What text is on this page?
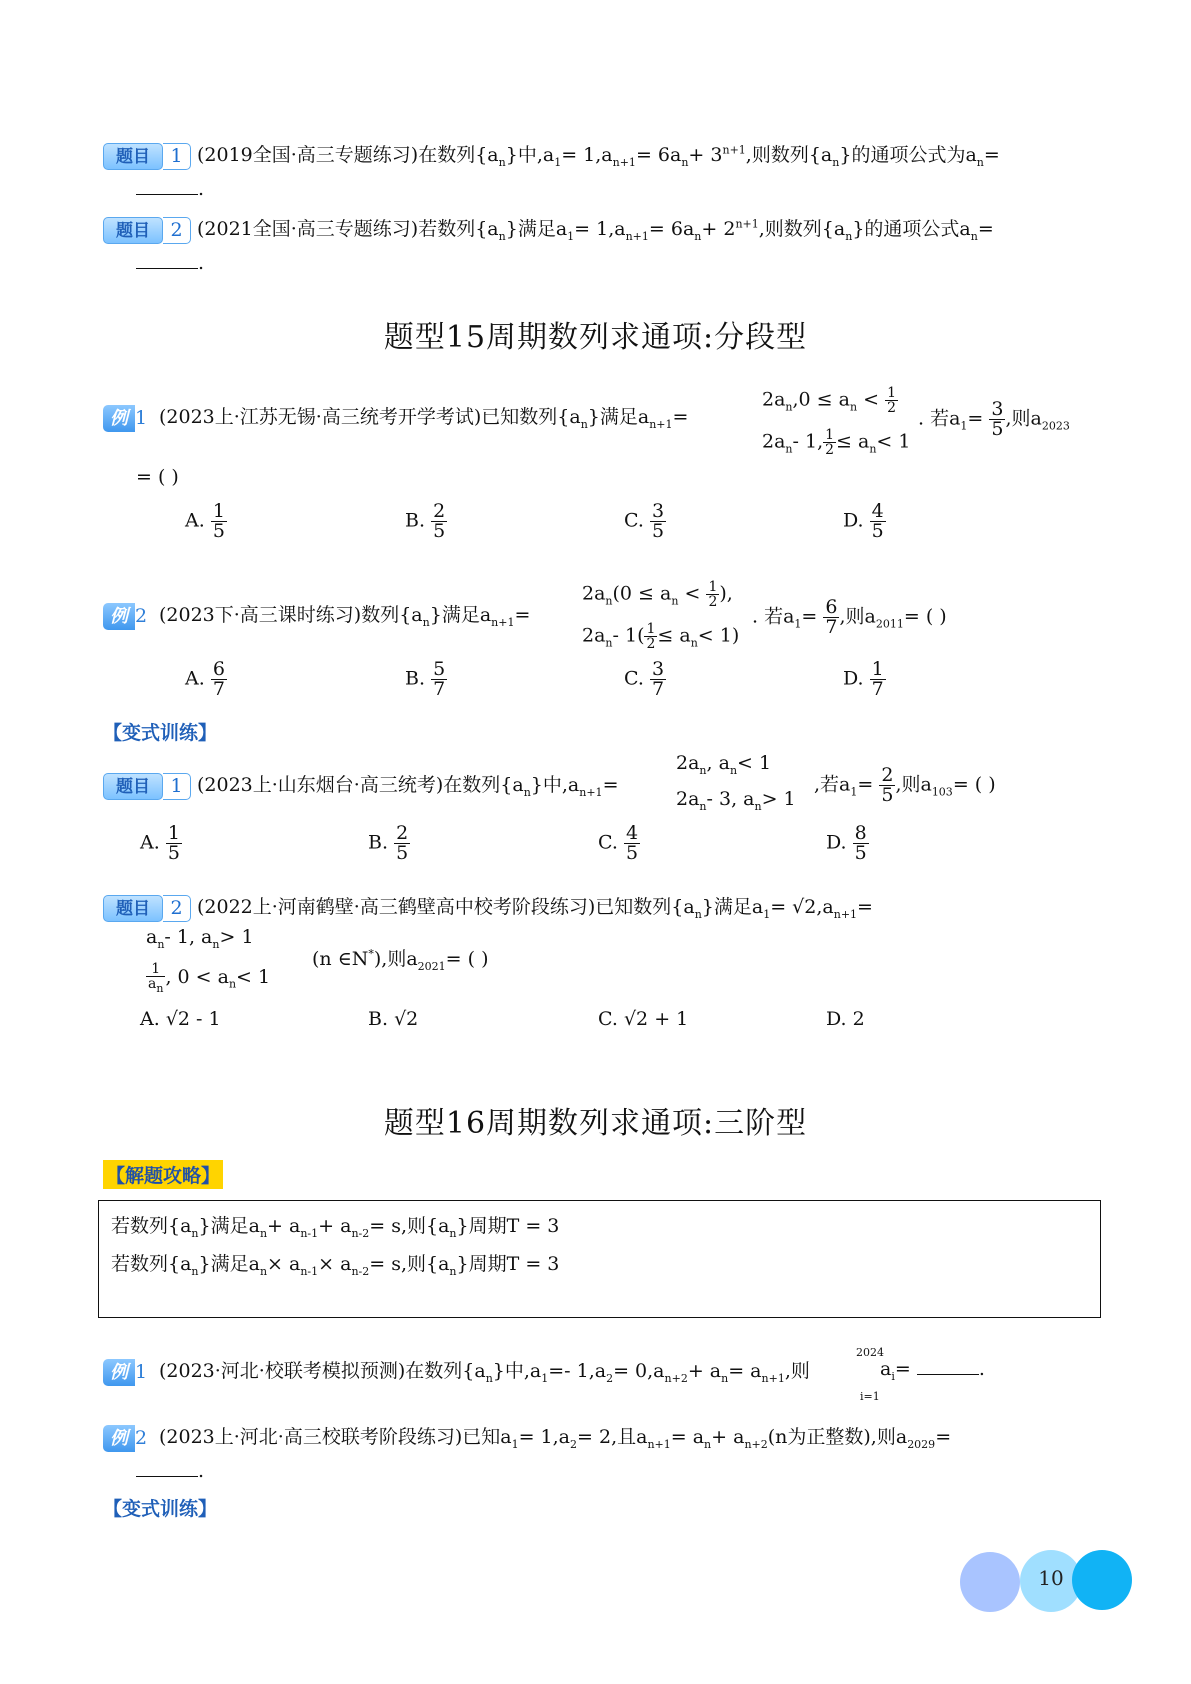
题目 1 (2019全国·高三专题练习)在数列$\{a_n\}$中$,a_1= 1,a_{n+1}= 6a_n+ 3^{n+1}$,则数列$\{a_n\}$的通项公式为$a_n=$
.
题目 2 (2021全国·高三专题练习)若数列$\{a_n\}$满足$a_1= 1,a_{n+1}= 6a_n+ 2^{n+1}$,则数列$\{a_n\}$的通项公式$a_n=$
.
题型15周期数列求通项:分段型
例 1 (2023上·江苏无锡·高三统考开学考试)已知数列$\{a_n\}$满足$a_{n+1}=$
$2a_n,0 \le a_n < \frac{1}{2}$
$2a_n-$ 1, $\frac{1}{2} \le a_n< 1$
. 若$a_1= \frac{3}{5}$ ,则$a_{2023}$
= ( )
A. $\frac{1}{5}$	B. $\frac{2}{5}$	C. $\frac{3}{5}$	D. $\frac{4}{5}$
例 2 (2023下·高三课时练习)数列$\{a_n\}$满足$a_{n+1}=$
$2a_n(0 \le a_n < \frac{1}{2}$ ),
$2a_n-$ $1( \frac{1}{2} \le a_n< 1)$
. 若$a_1= \frac{6}{7}$ ,则$a_{2011}=$ ( )
A. $\frac{6}{7}$	B. $\frac{5}{7}$	C. $\frac{3}{7}$	D. $\frac{1}{7}$
【变式训练】
题目 1 (2023上·山东烟台·高三统考)在数列$\{a_n\}$中$,a_{n+1}=$
$2a_n$, $a_n< 1$
$2a_n-$ 3, $a_n> 1$
,若$a_1= \frac{2}{5}$ ,则$a_{103}=$ ( )
A. $\frac{1}{5}$	B. $\frac{2}{5}$	C. $\frac{4}{5}$	D. $\frac{8}{5}$
题目 2 (2022上·河南鹤壁·高三鹤壁高中校考阶段练习)已知数列$\{a_n\}$满足$a_1= √2,a_{n+1}=$
$a_n-$ 1, $a_n> 1$
$\frac{1}{a_n}$ , $0 < a_n< 1$
(n ∈N*),则$a_{2021}=$ ( )
A. √2 - 1	B. √2	C. √2 + 1	D. 2
题型16周期数列求通项:三阶型
【解题攻略】
若数列$\{a_n\}$满足$a_n+ a_{n-1}+ a_{n-2}= s$,则$\{a_n\}$周期T = 3
若数列$\{a_n\}$满足$a_n\times a_{n-1}\times a_{n-2}= s$,则$\{a_n\}$周期T = 3
例 1 (2023·河北·校联考模拟预测)在数列$\{a_n\}$中$,a_1=-$ $1,a_2= 0,a_{n+2}+ a_n= a_{n+1}$,则
2024
i=1
$a_i=$	.
例 2 (2023上·河北·高三校联考阶段练习)已知$a_1= 1,a_2= 2$,且$a_{n+1}= a_n+ a_{n+2}(n$为正整数),则$a_{2029}=$
.
【变式训练】
10
